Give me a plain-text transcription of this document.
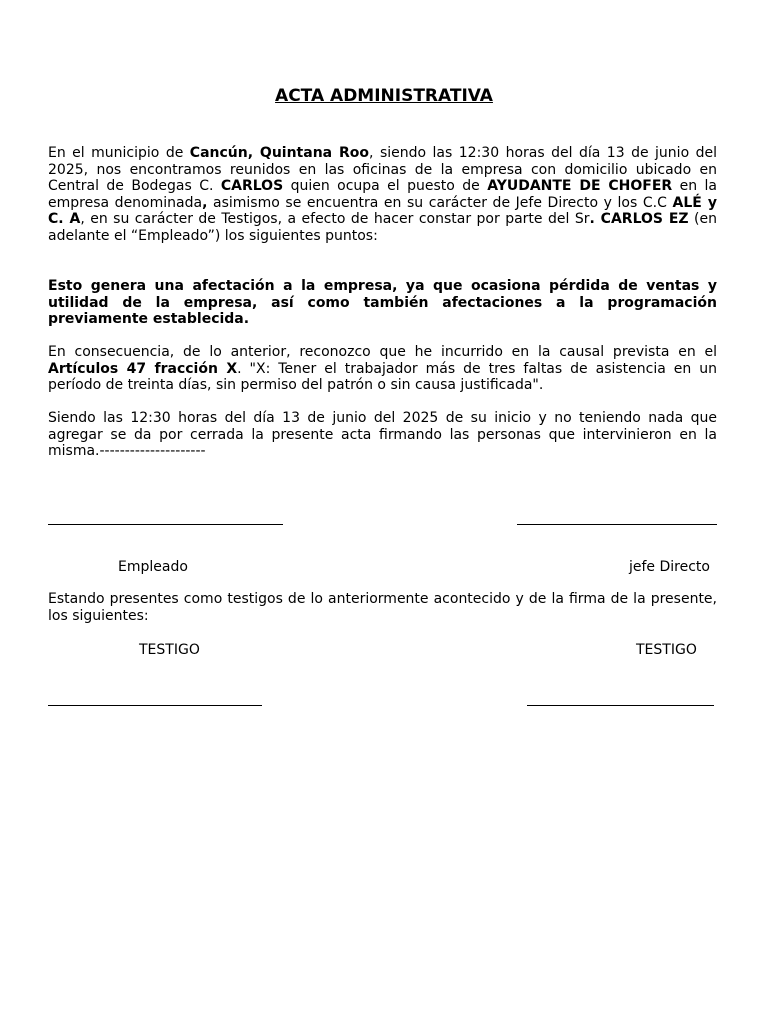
ACTA ADMINISTRATIVA

En el municipio de Cancún, Quintana Roo, siendo las 12:30 horas del día 13 de junio del 2025, nos encontramos reunidos en las oficinas de la empresa con domicilio ubicado en Central de Bodegas C. CARLOS quien ocupa el puesto de AYUDANTE DE CHOFER en la empresa denominada, asimismo se encuentra en su carácter de Jefe Directo y los C.C ALÉ y C. A, en su carácter de Testigos, a efecto de hacer constar por parte del Sr. CARLOS EZ (en adelante el “Empleado”) los siguientes puntos:

Esto genera una afectación a la empresa, ya que ocasiona pérdida de ventas y utilidad de la empresa, así como también afectaciones a la programación previamente establecida.

En consecuencia, de lo anterior, reconozco que he incurrido en la causal prevista en el Artículos 47 fracción X. "X: Tener el trabajador más de tres faltas de asistencia en un período de treinta días, sin permiso del patrón o sin causa justificada".

Siendo las 12:30 horas del día 13 de junio del 2025 de su inicio y no teniendo nada que agregar se da por cerrada la presente acta firmando las personas que intervinieron en la misma.---------------------

Empleado	jefe Directo

Estando presentes como testigos de lo anteriormente acontecido y de la firma de la presente, los siguientes:

TESTIGO	TESTIGO
